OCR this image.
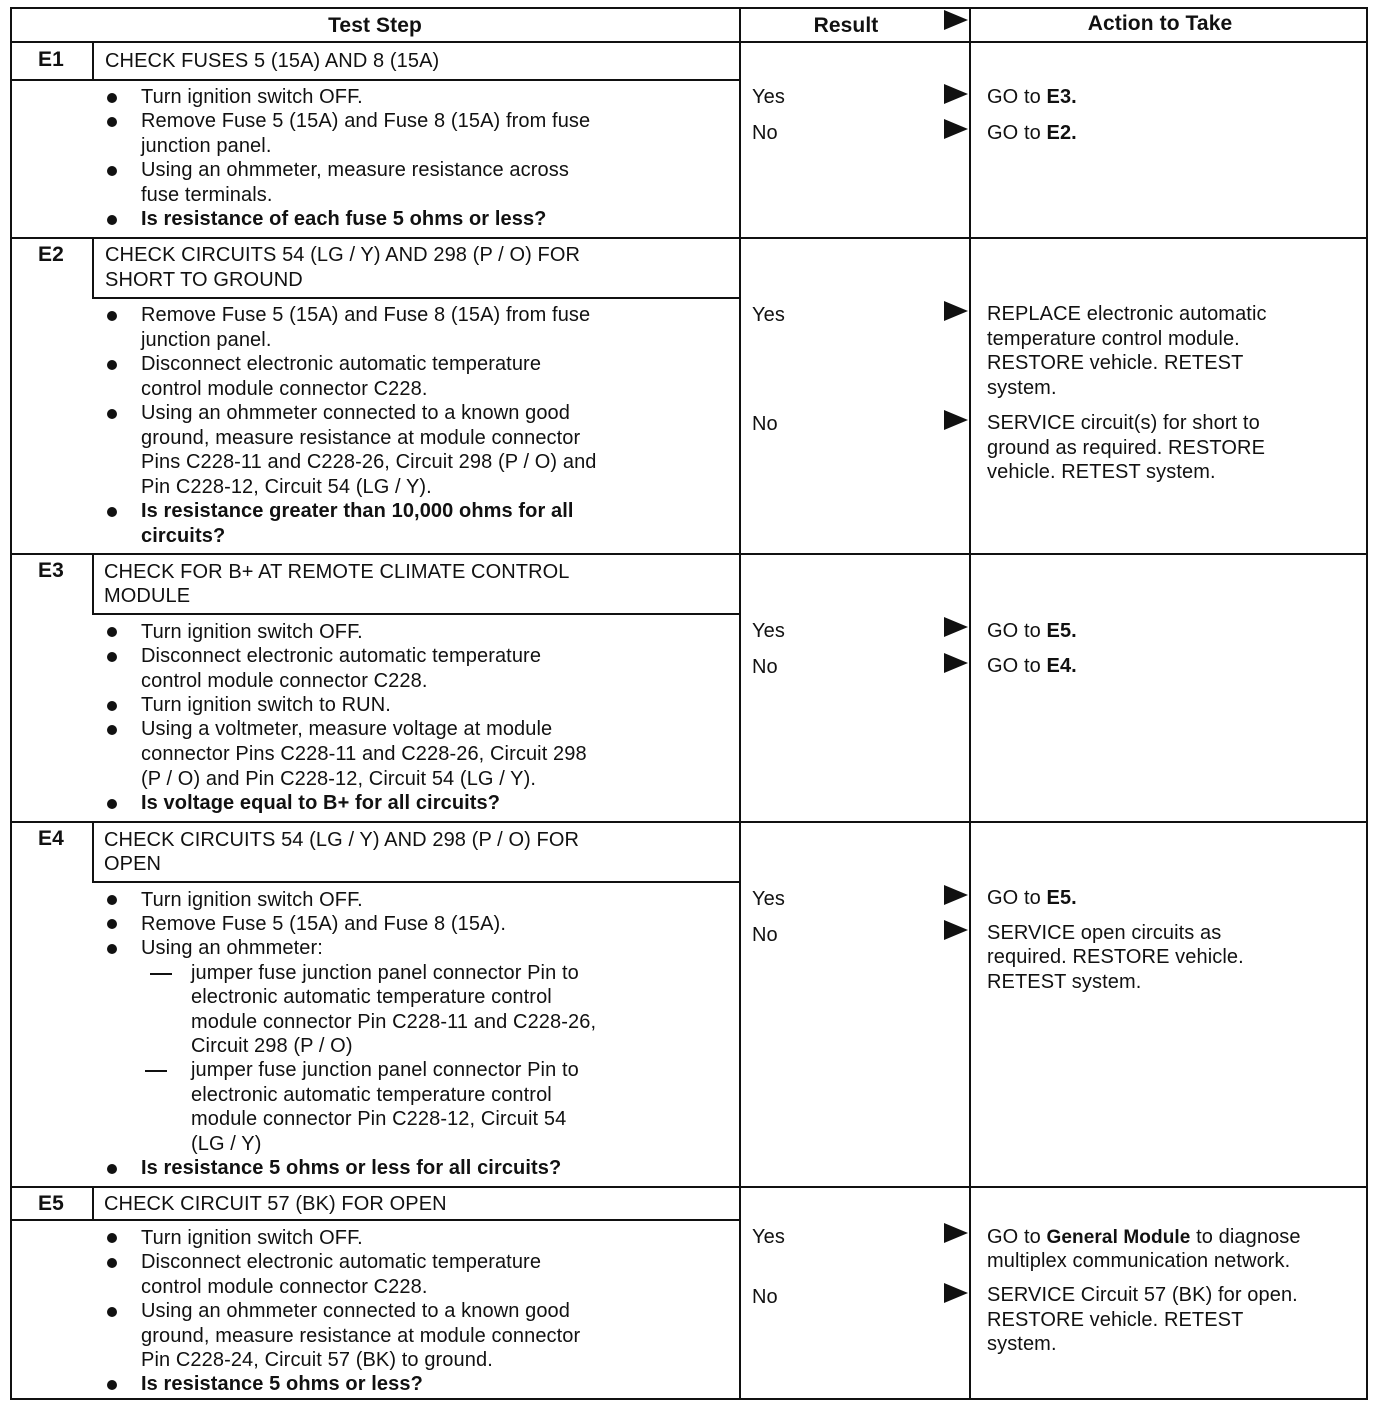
Test Step	Result	Action to Take
E1	CHECK FUSES 5 (15A) AND 8 (15A)
Turn ignition switch OFF.
Remove Fuse 5 (15A) and Fuse 8 (15A) from fuse
junction panel.
Using an ohmmeter, measure resistance across
fuse terminals.
Is resistance of each fuse 5 ohms or less?
Yes	GO to E3.
No	GO to E2.
E2	CHECK CIRCUITS 54 (LG / Y) AND 298 (P / O) FOR
SHORT TO GROUND
Remove Fuse 5 (15A) and Fuse 8 (15A) from fuse
junction panel.
Disconnect electronic automatic temperature
control module connector C228.
Using an ohmmeter connected to a known good
ground, measure resistance at module connector
Pins C228-11 and C228-26, Circuit 298 (P / O) and
Pin C228-12, Circuit 54 (LG / Y).
Is resistance greater than 10,000 ohms for all
circuits?
Yes	REPLACE electronic automatic
temperature control module.
RESTORE vehicle. RETEST
system.
No	SERVICE circuit(s) for short to
ground as required. RESTORE
vehicle. RETEST system.
E3	CHECK FOR B+ AT REMOTE CLIMATE CONTROL
MODULE
Turn ignition switch OFF.
Disconnect electronic automatic temperature
control module connector C228.
Turn ignition switch to RUN.
Using a voltmeter, measure voltage at module
connector Pins C228-11 and C228-26, Circuit 298
(P / O) and Pin C228-12, Circuit 54 (LG / Y).
Is voltage equal to B+ for all circuits?
Yes	GO to E5.
No	GO to E4.
E4	CHECK CIRCUITS 54 (LG / Y) AND 298 (P / O) FOR
OPEN
Turn ignition switch OFF.
Remove Fuse 5 (15A) and Fuse 8 (15A).
Using an ohmmeter:
jumper fuse junction panel connector Pin to
electronic automatic temperature control
module connector Pin C228-11 and C228-26,
Circuit 298 (P / O)
jumper fuse junction panel connector Pin to
electronic automatic temperature control
module connector Pin C228-12, Circuit 54
(LG / Y)
Is resistance 5 ohms or less for all circuits?
Yes	GO to E5.
No	SERVICE open circuits as
required. RESTORE vehicle.
RETEST system.
E5	CHECK CIRCUIT 57 (BK) FOR OPEN
Turn ignition switch OFF.
Disconnect electronic automatic temperature
control module connector C228.
Using an ohmmeter connected to a known good
ground, measure resistance at module connector
Pin C228-24, Circuit 57 (BK) to ground.
Is resistance 5 ohms or less?
Yes	GO to General Module to diagnose
multiplex communication network.
No	SERVICE Circuit 57 (BK) for open.
RESTORE vehicle. RETEST
system.
